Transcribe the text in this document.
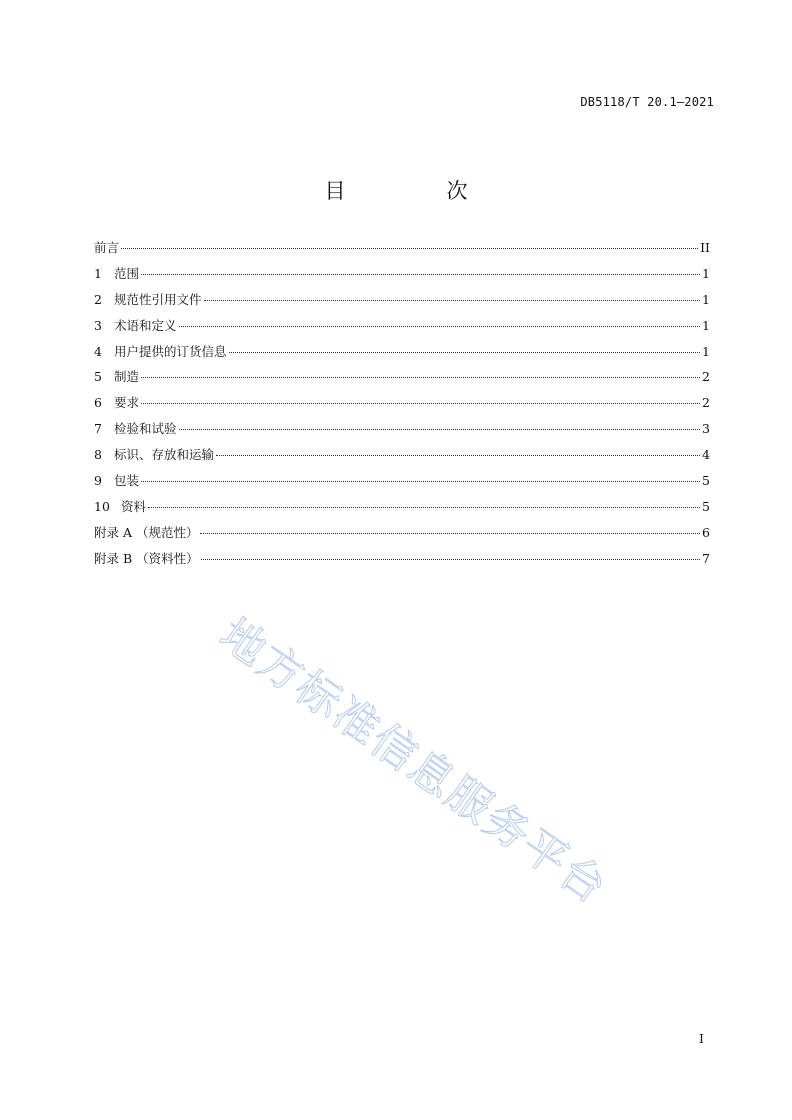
DB5118/T 20.1—2021
目　次
前言	II
1 范围	1
2 规范性引用文件	1
3 术语和定义	1
4 用户提供的订货信息	1
5 制造	2
6 要求	2
7 检验和试验	3
8 标识、存放和运输	4
9 包装	5
10 资料	5
附录 A （规范性）	6
附录 B （资料性）	7
地方标准信息服务平台
I
